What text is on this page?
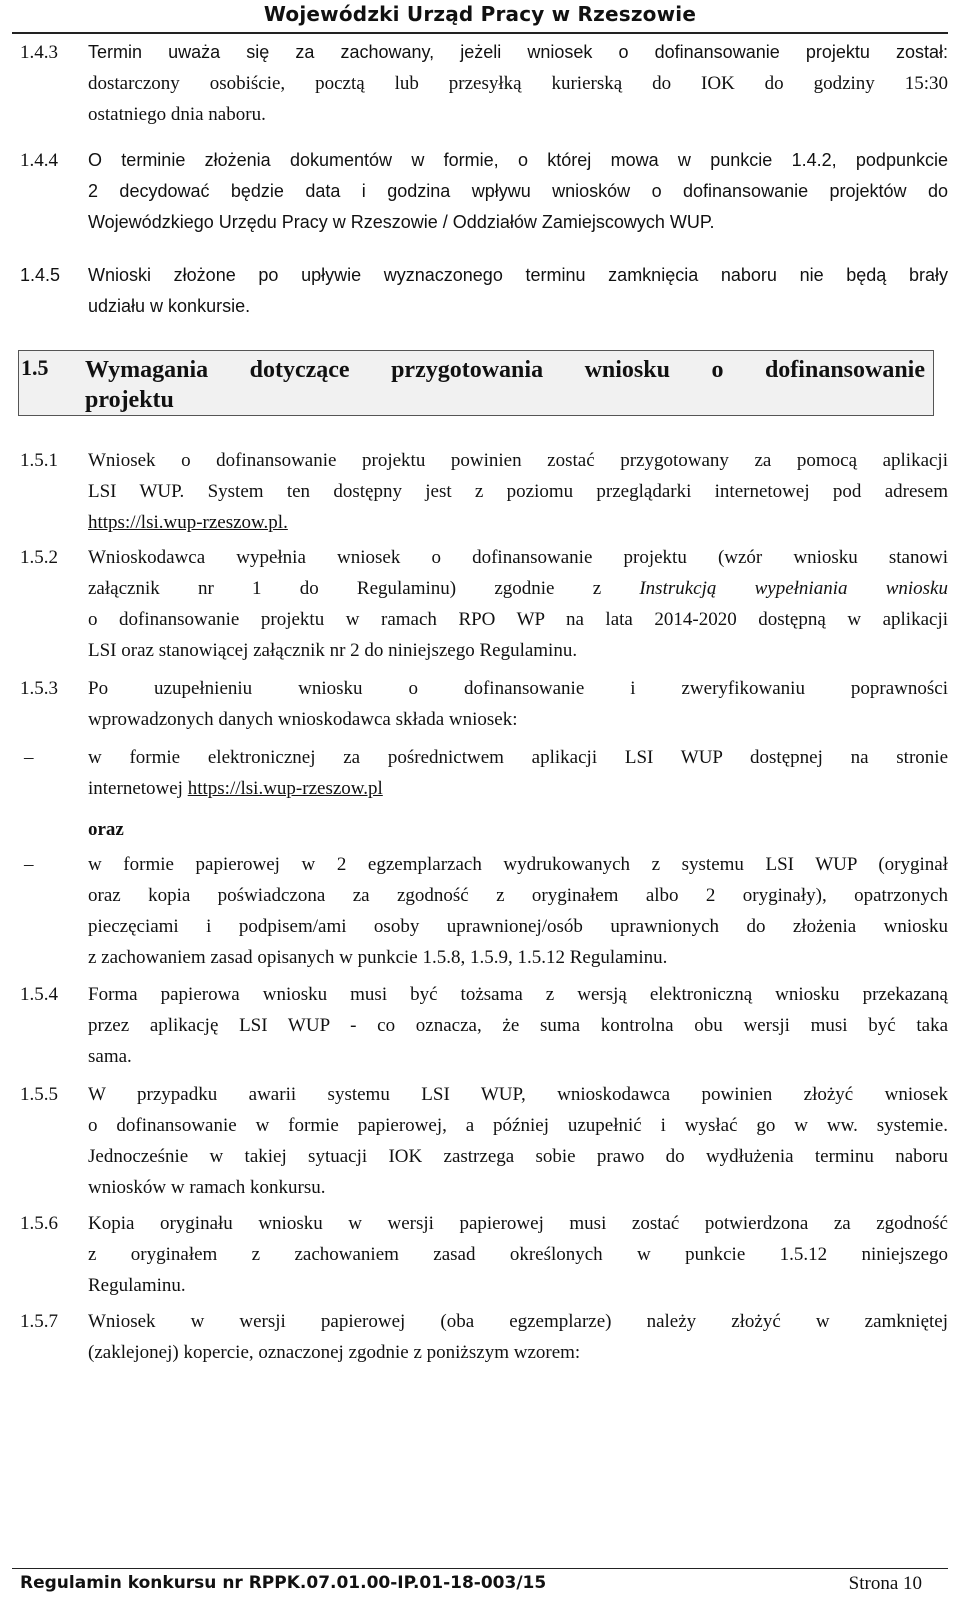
Wojewódzki Urząd Pracy w Rzeszowie
1.4.3	Termin uważa się za zachowany, jeżeli wniosek o dofinansowanie projektu został:
dostarczony osobiście, pocztą lub przesyłką kurierską do IOK do godziny 15:30
ostatniego dnia naboru.
1.4.4	O terminie złożenia dokumentów w formie, o której mowa w punkcie 1.4.2, podpunkcie
2 decydować będzie data i godzina wpływu wniosków o dofinansowanie projektów do
Wojewódzkiego Urzędu Pracy w Rzeszowie / Oddziałów Zamiejscowych WUP.
1.4.5	Wnioski złożone po upływie wyznaczonego terminu zamknięcia naboru nie będą brały
udziału w konkursie.
1.5 Wymagania dotyczące przygotowania wniosku o dofinansowanie
projektu
1.5.1	Wniosek o dofinansowanie projektu powinien zostać przygotowany za pomocą aplikacji
LSI WUP. System ten dostępny jest z poziomu przeglądarki internetowej pod adresem
https://lsi.wup-rzeszow.pl.
1.5.2	Wnioskodawca wypełnia wniosek o dofinansowanie projektu (wzór wniosku stanowi
załącznik nr 1 do Regulaminu) zgodnie z Instrukcją wypełniania wniosku
o dofinansowanie projektu w ramach RPO WP na lata 2014-2020 dostępną w aplikacji
LSI oraz stanowiącej załącznik nr 2 do niniejszego Regulaminu.
1.5.3	Po uzupełnieniu wniosku o dofinansowanie i zweryfikowaniu poprawności
wprowadzonych danych wnioskodawca składa wniosek:
–	w formie elektronicznej za pośrednictwem aplikacji LSI WUP dostępnej na stronie
internetowej https://lsi.wup-rzeszow.pl
oraz
–	w formie papierowej w 2 egzemplarzach wydrukowanych z systemu LSI WUP (oryginał
oraz kopia poświadczona za zgodność z oryginałem albo 2 oryginały), opatrzonych
pieczęciami i podpisem/ami osoby uprawnionej/osób uprawnionych do złożenia wniosku
z zachowaniem zasad opisanych w punkcie 1.5.8, 1.5.9, 1.5.12 Regulaminu.
1.5.4	Forma papierowa wniosku musi być tożsama z wersją elektroniczną wniosku przekazaną
przez aplikację LSI WUP - co oznacza, że suma kontrolna obu wersji musi być taka
sama.
1.5.5	W przypadku awarii systemu LSI WUP, wnioskodawca powinien złożyć wniosek
o dofinansowanie w formie papierowej, a później uzupełnić i wysłać go w ww. systemie.
Jednocześnie w takiej sytuacji IOK zastrzega sobie prawo do wydłużenia terminu naboru
wniosków w ramach konkursu.
1.5.6	Kopia oryginału wniosku w wersji papierowej musi zostać potwierdzona za zgodność
z oryginałem z zachowaniem zasad określonych w punkcie 1.5.12 niniejszego
Regulaminu.
1.5.7	Wniosek w wersji papierowej (oba egzemplarze) należy złożyć w zamkniętej
(zaklejonej) kopercie, oznaczonej zgodnie z poniższym wzorem:
Regulamin konkursu nr RPPK.07.01.00-IP.01-18-003/15	Strona 10
